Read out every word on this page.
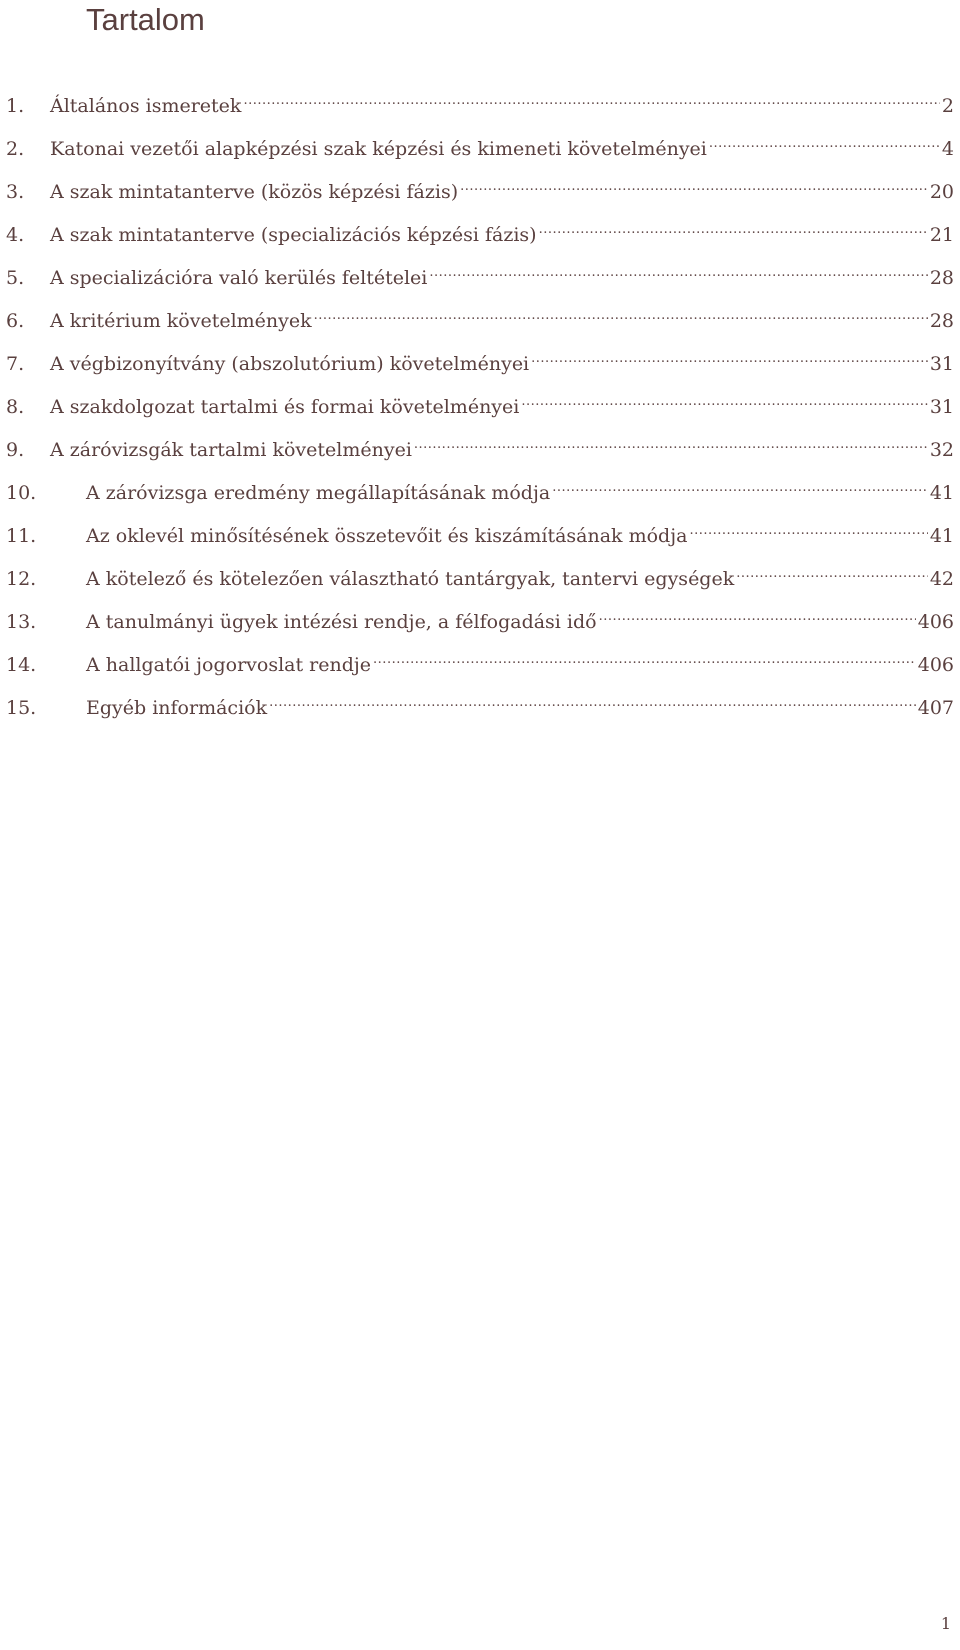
Tartalom
1.	Általános ismeretek .....	2
2.	Katonai vezetői alapképzési szak képzési és kimeneti követelményei .....	4
3.	A szak mintatanterve (közös képzési fázis) .....	20
4.	A szak mintatanterve (specializációs képzési fázis) .....	21
5.	A specializációra való kerülés feltételei .....	28
6.	A kritérium követelmények .....	28
7.	A végbizonyítvány (abszolutórium) követelményei .....	31
8.	A szakdolgozat tartalmi és formai követelményei .....	31
9.	A záróvizsgák tartalmi követelményei .....	32
10.	A záróvizsga eredmény megállapításának módja .....	41
11.	Az oklevél minősítésének összetevőit és kiszámításának módja .....	41
12.	A kötelező és kötelezően választható tantárgyak, tantervi egységek .....	42
13.	A tanulmányi ügyek intézési rendje, a félfogadási idő .....	406
14.	A hallgatói jogorvoslat rendje .....	406
15.	Egyéb információk .....	407
1
